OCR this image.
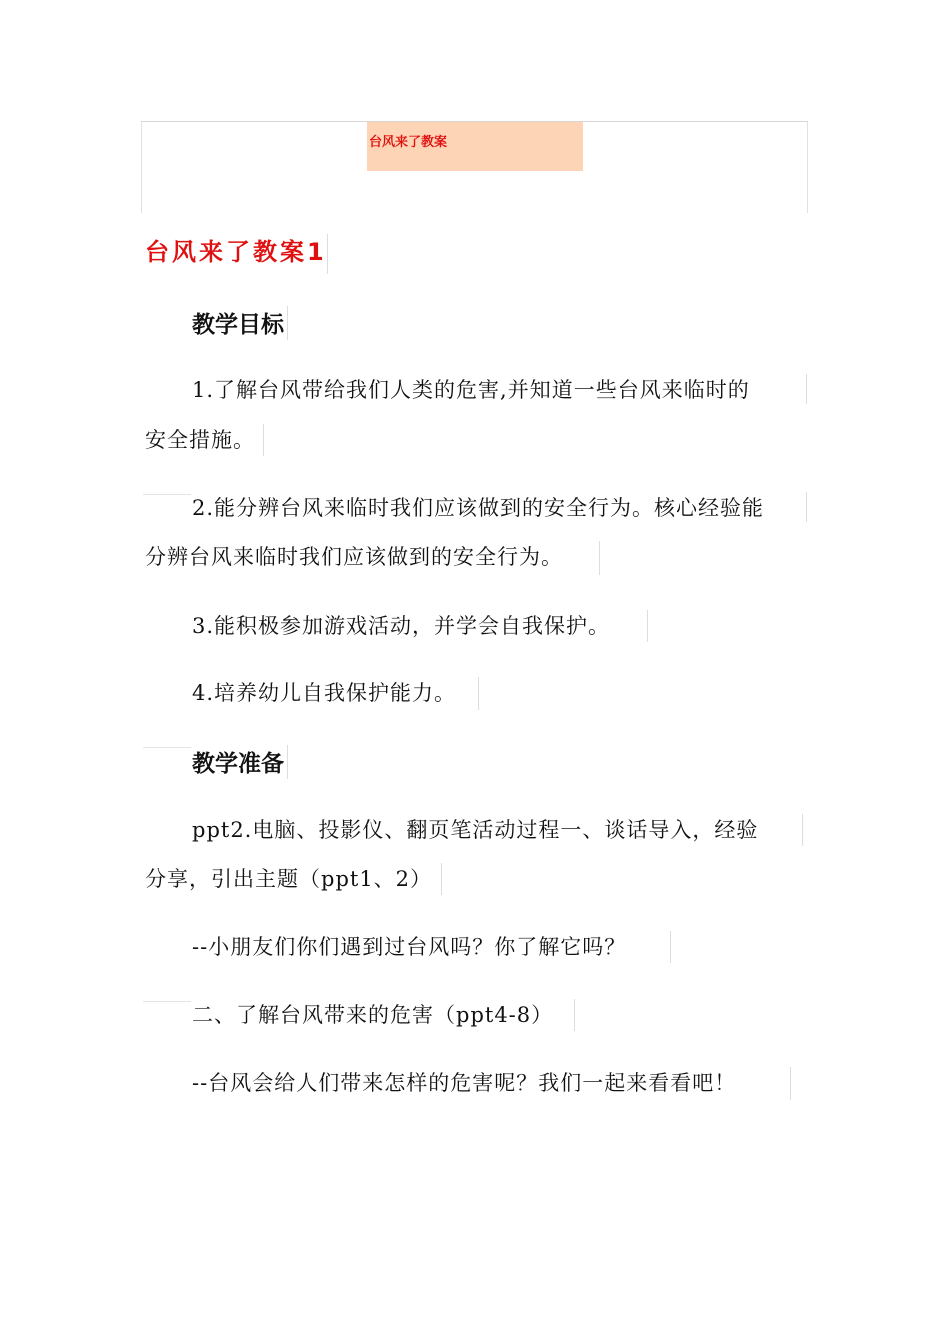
台风来了教案
台风来了教案1
教学目标
1.了解台风带给我们人类的危害,并知道一些台风来临时的
安全措施。
2.能分辨台风来临时我们应该做到的安全行为。核心经验能
分辨台风来临时我们应该做到的安全行为。
3.能积极参加游戏活动，并学会自我保护。
4.培养幼儿自我保护能力。
教学准备
ppt2.电脑、投影仪、翻页笔活动过程一、谈话导入，经验
分享，引出主题（ppt1、2）
--小朋友们你们遇到过台风吗？你了解它吗？
二、了解台风带来的危害（ppt4-8）
--台风会给人们带来怎样的危害呢？我们一起来看看吧！
